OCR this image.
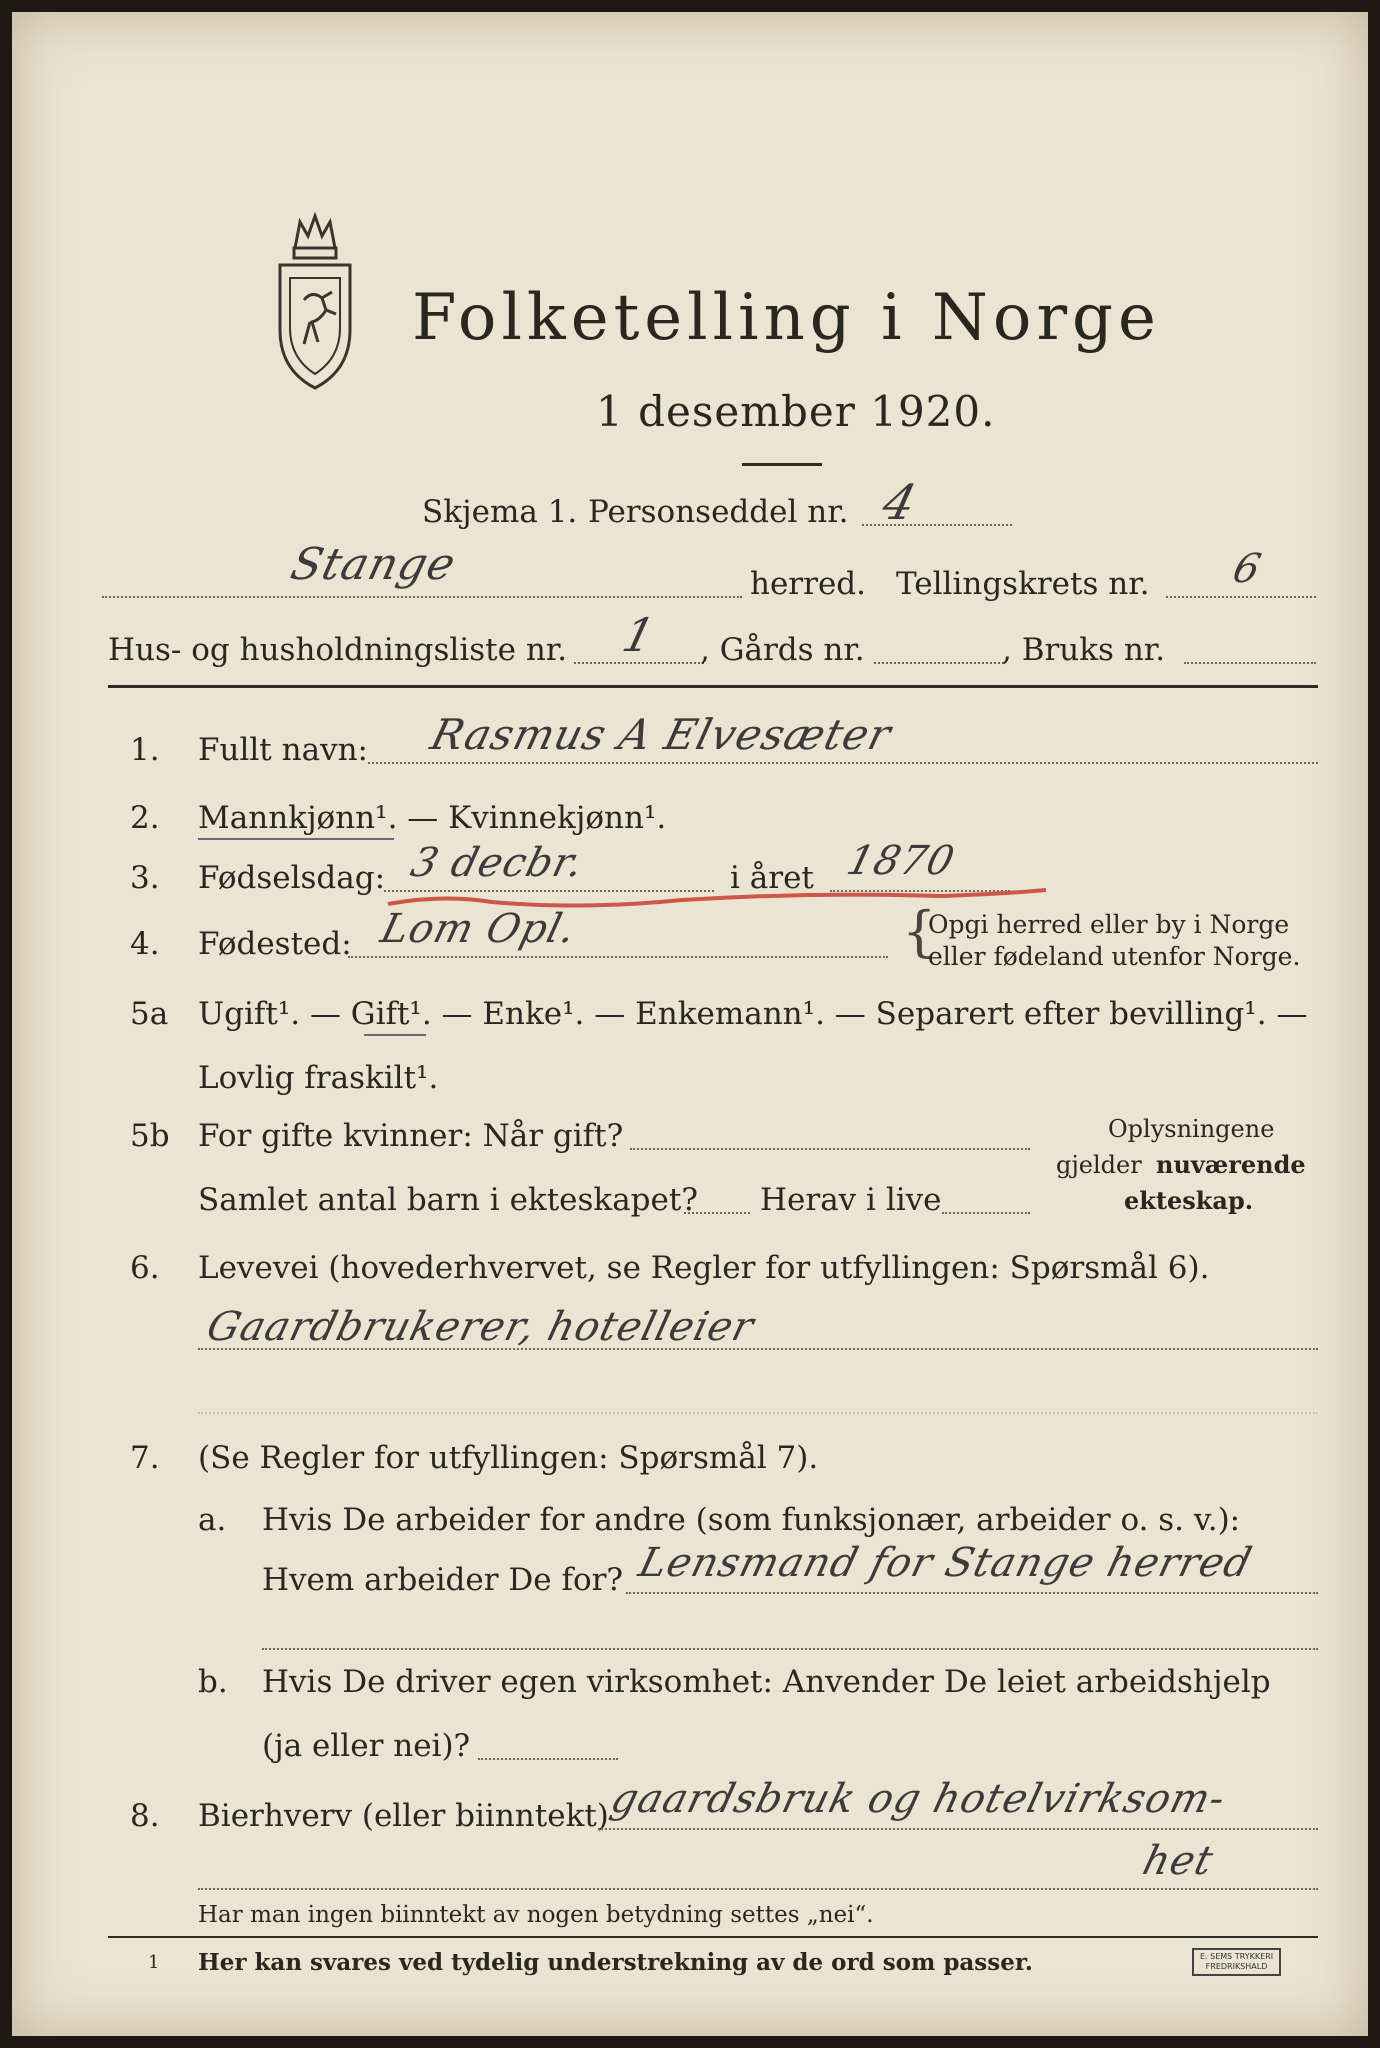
Folketelling i Norge
1 desember 1920.
Skjema 1. Personseddel nr. 4
Stange	herred. Tellingskrets nr. 6
Hus- og husholdningsliste nr. 1 , Gårds nr.	, Bruks nr.
1. Fullt navn: Rasmus A Elvesæter
2. Mannkjønn¹. — Kvinnekjønn¹.
3. Fødselsdag: 3 decbr.	i året 1870
4. Fødested: Lom Opl.	{
Opgi herred eller by i Norge
eller fødeland utenfor Norge.
5a Ugift¹. — Gift¹. — Enke¹. — Enkemann¹. — Separert efter bevilling¹. —
Lovlig fraskilt¹.
5b For gifte kvinner: Når gift?
Samlet antal barn i ekteskapet? Herav i live
Oplysningene
gjelder nuværende
ekteskap.
6. Levevei (hovederhvervet, se Regler for utfyllingen: Spørsmål 6).
Gaardbrukerer, hotelleier
7. (Se Regler for utfyllingen: Spørsmål 7).
a. Hvis De arbeider for andre (som funksjonær, arbeider o. s. v.):
Hvem arbeider De for? Lensmand for Stange herred
b. Hvis De driver egen virksomhet: Anvender De leiet arbeidshjelp
(ja eller nei)?
8. Bierhverv (eller biinntekt)
gaardsbruk og hotelvirksom-
het
Har man ingen biinntekt av nogen betydning settes „nei“.
1 Her kan svares ved tydelig understrekning av de ord som passer.	E. SEMS TRYKKERI
FREDRIKSHALD
